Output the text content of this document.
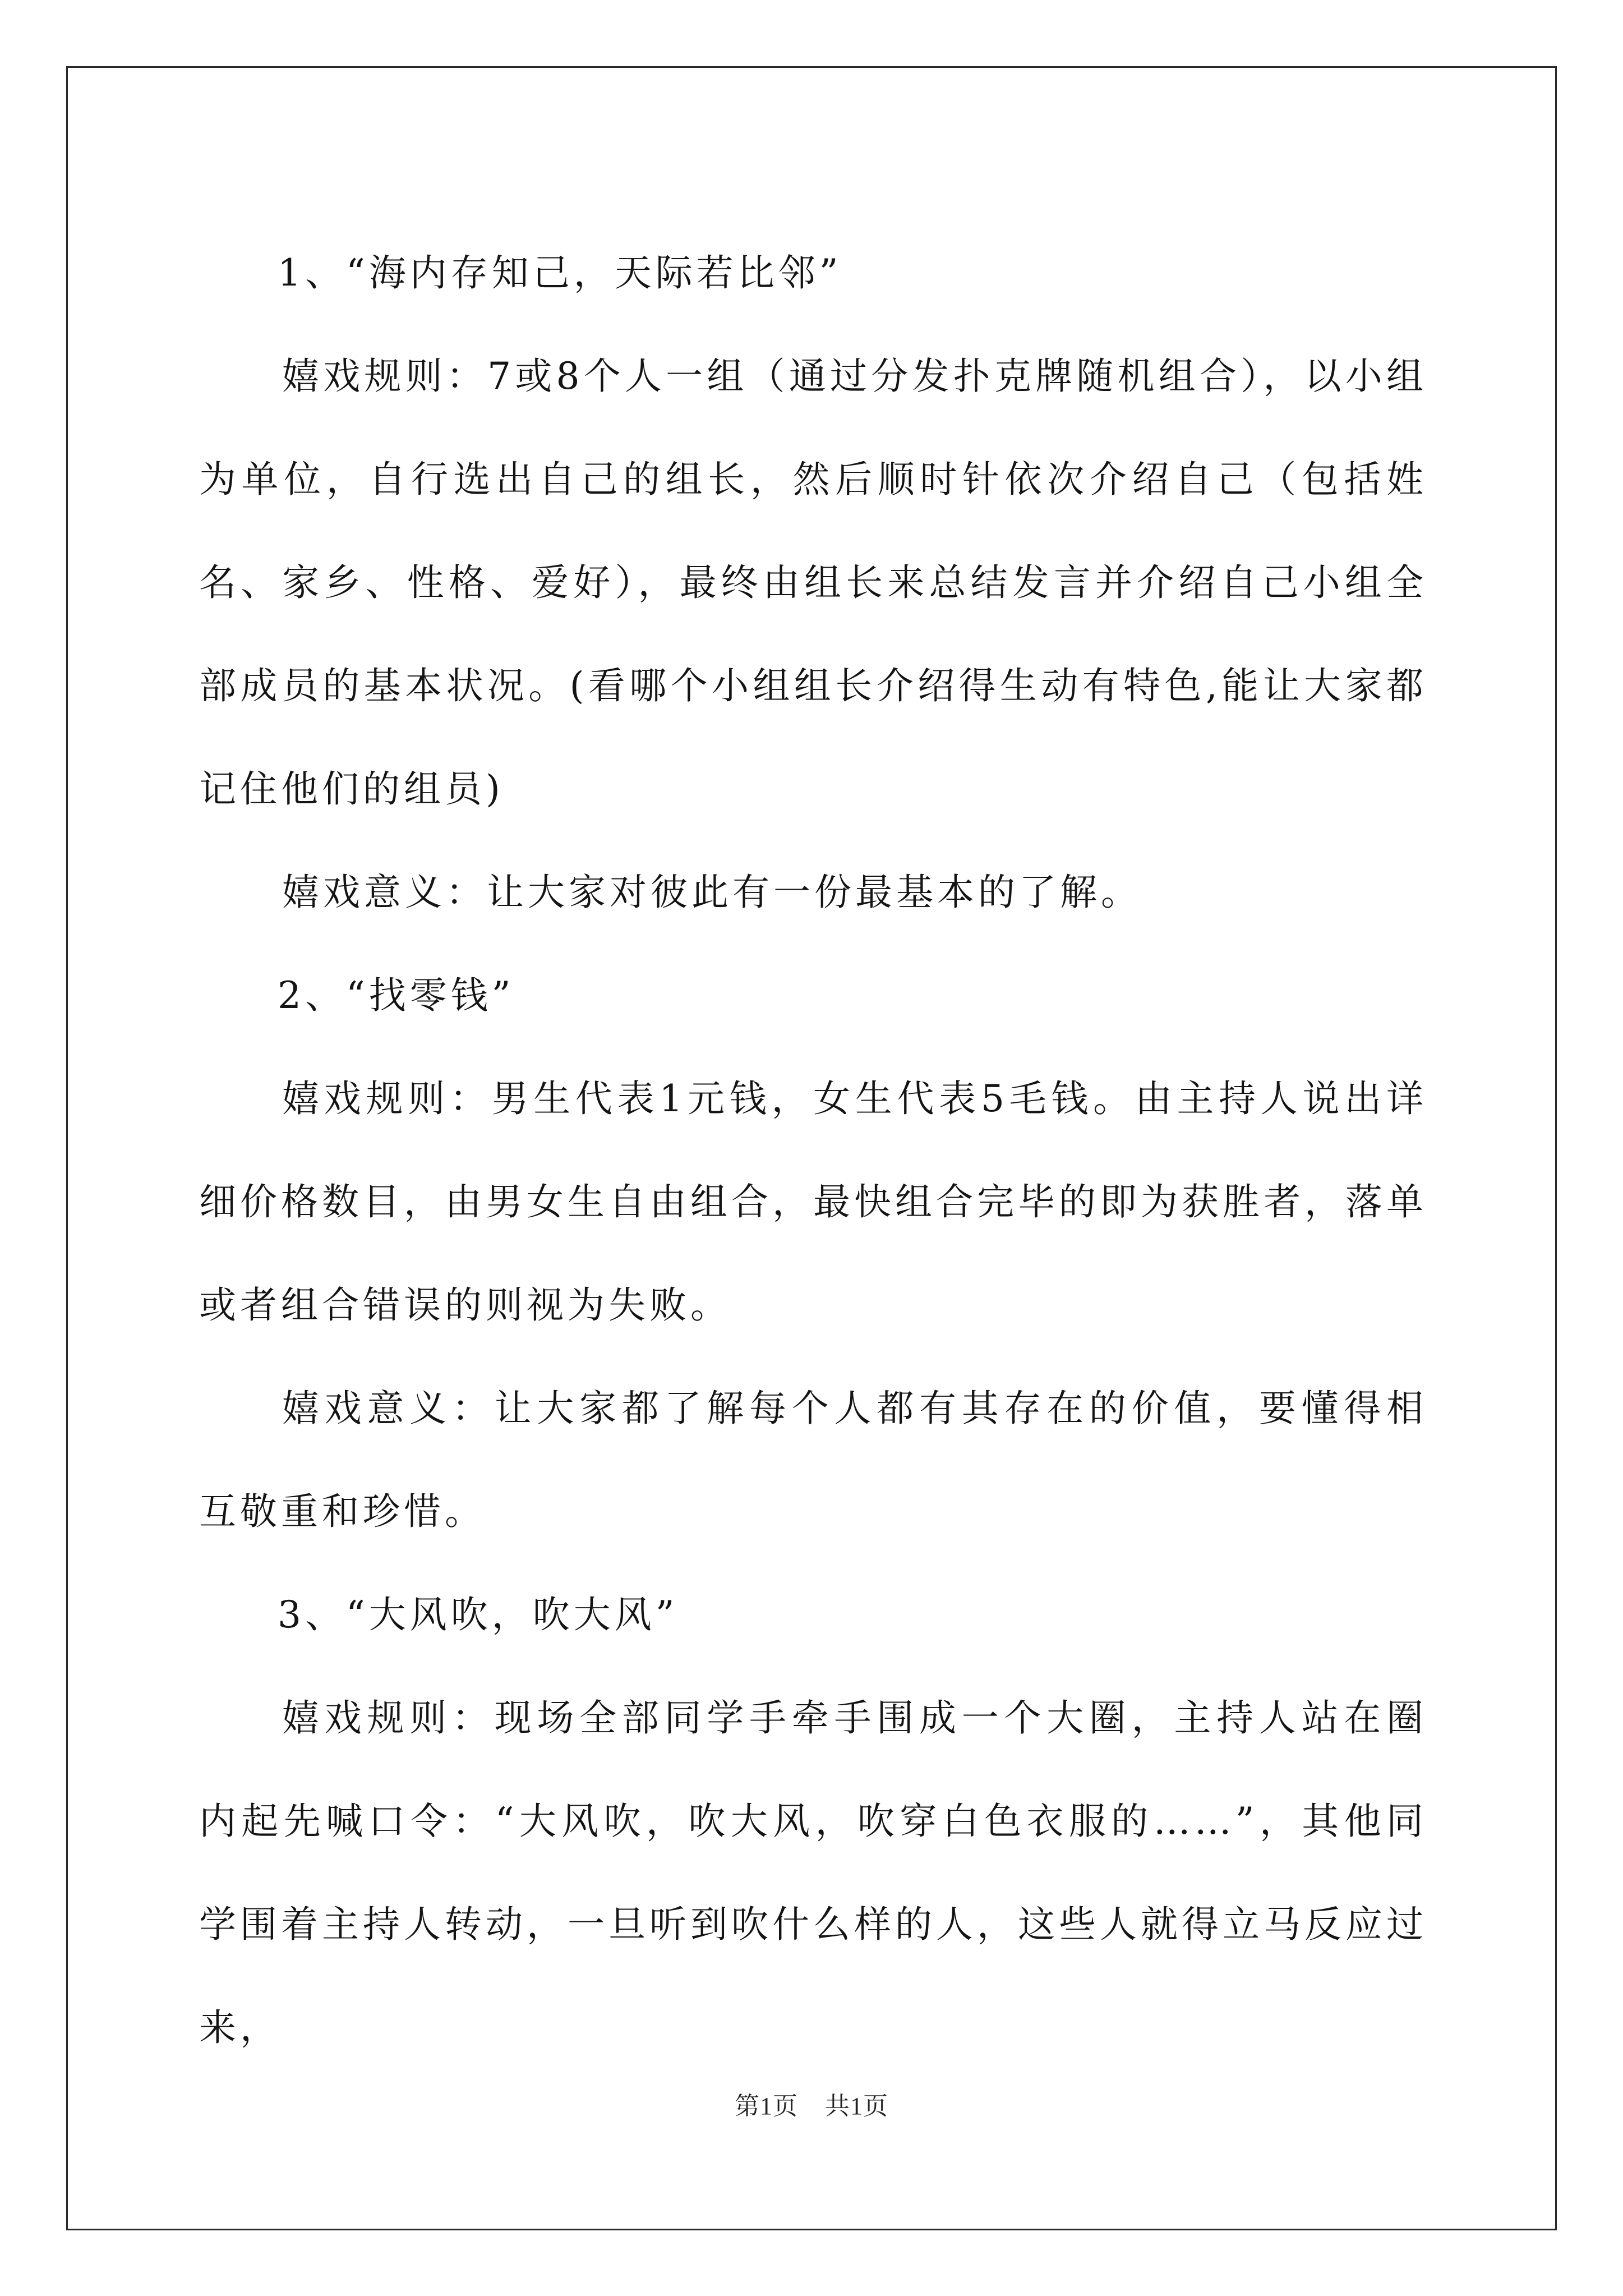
1、“海内存知己，天际若比邻”

嬉戏规则：7或8个人一组（通过分发扑克牌随机组合），以小组为单位，自行选出自己的组长，然后顺时针依次介绍自己（包括姓名、家乡、性格、爱好），最终由组长来总结发言并介绍自己小组全部成员的基本状况。(看哪个小组组长介绍得生动有特色,能让大家都记住他们的组员)

嬉戏意义：让大家对彼此有一份最基本的了解。

2、“找零钱”

嬉戏规则：男生代表1元钱，女生代表5毛钱。由主持人说出详细价格数目，由男女生自由组合，最快组合完毕的即为获胜者，落单或者组合错误的则视为失败。

嬉戏意义：让大家都了解每个人都有其存在的价值，要懂得相互敬重和珍惜。

3、“大风吹，吹大风”

嬉戏规则：现场全部同学手牵手围成一个大圈，主持人站在圈内起先喊口令：“大风吹，吹大风，吹穿白色衣服的……”，其他同学围着主持人转动，一旦听到吹什么样的人，这些人就得立马反应过来，

第1页 共1页
